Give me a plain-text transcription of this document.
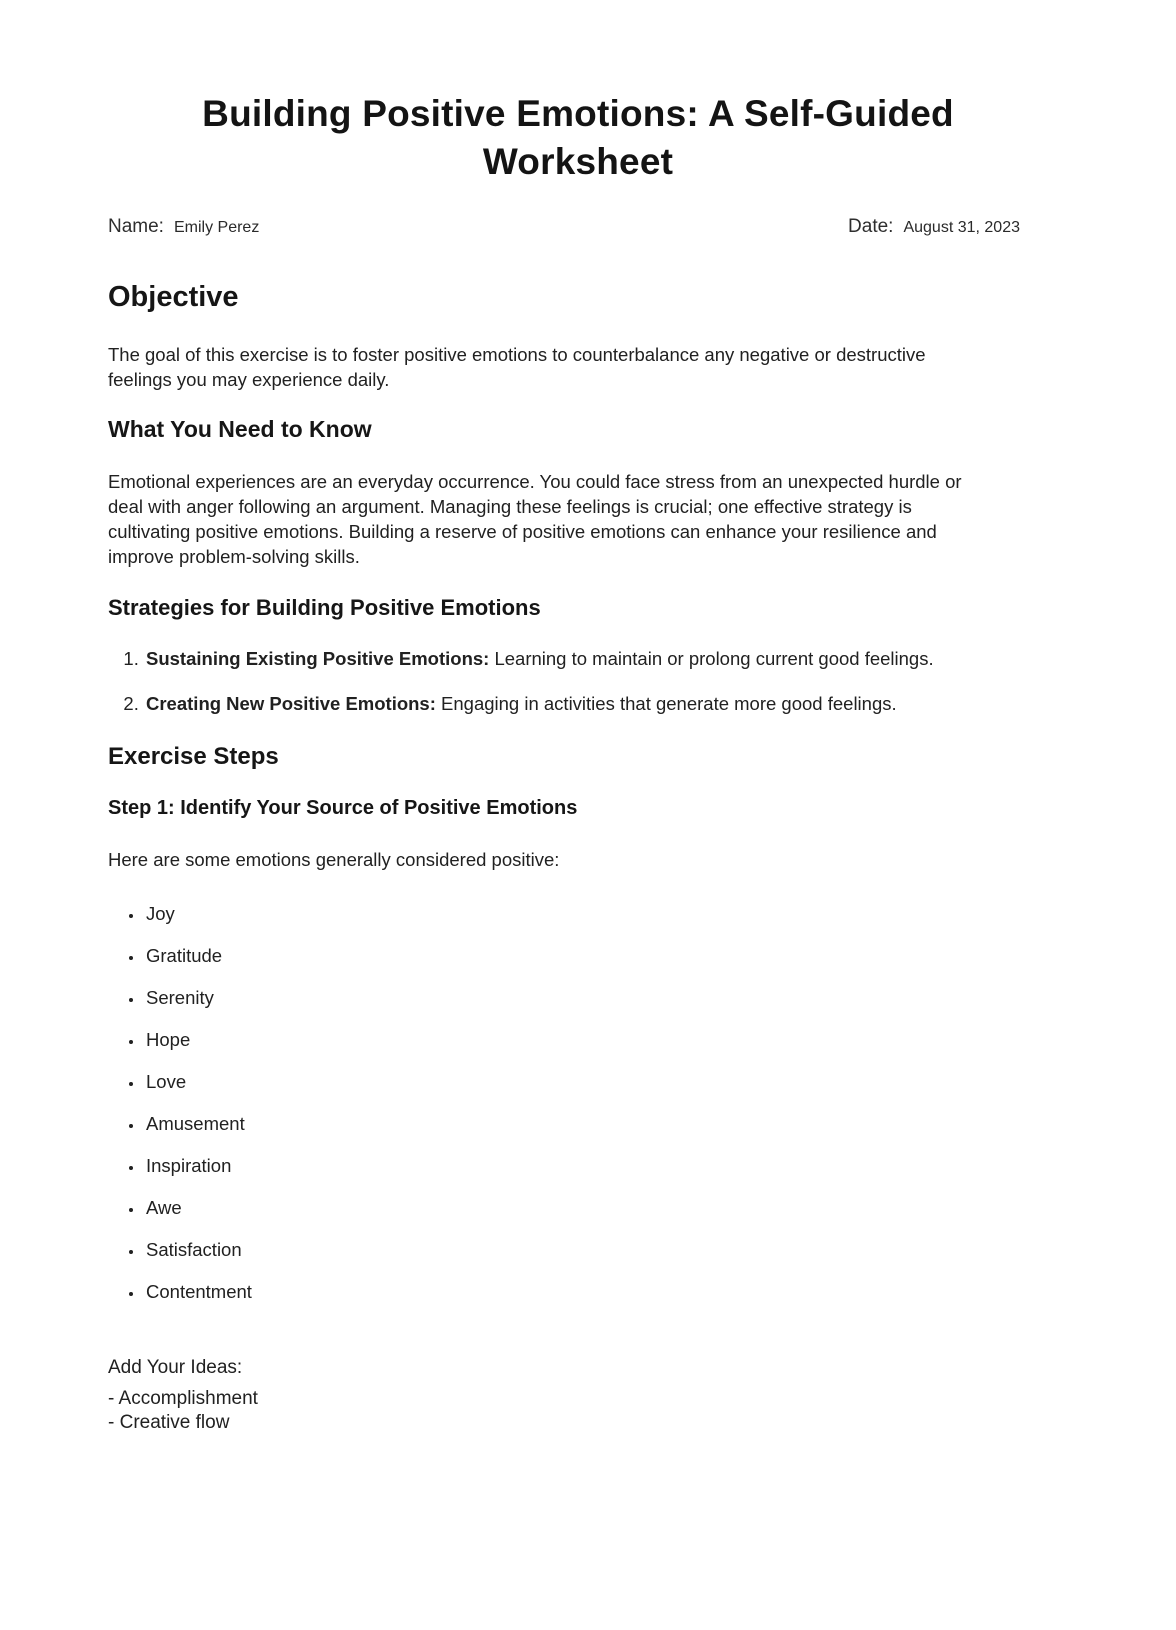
Building Positive Emotions: A Self-Guided Worksheet
Name: Emily Perez	Date: August 31, 2023
Objective

The goal of this exercise is to foster positive emotions to counterbalance any negative or destructive feelings you may experience daily.

What You Need to Know

Emotional experiences are an everyday occurrence. You could face stress from an unexpected hurdle or deal with anger following an argument. Managing these feelings is crucial; one effective strategy is cultivating positive emotions. Building a reserve of positive emotions can enhance your resilience and improve problem-solving skills.

Strategies for Building Positive Emotions
1. Sustaining Existing Positive Emotions: Learning to maintain or prolong current good feelings.
2. Creating New Positive Emotions: Engaging in activities that generate more good feelings.
Exercise Steps
Step 1: Identify Your Source of Positive Emotions

Here are some emotions generally considered positive:

• Joy
• Gratitude
• Serenity
• Hope
• Love
• Amusement
• Inspiration
• Awe
• Satisfaction
• Contentment

Add Your Ideas:

- Accomplishment

- Creative flow
